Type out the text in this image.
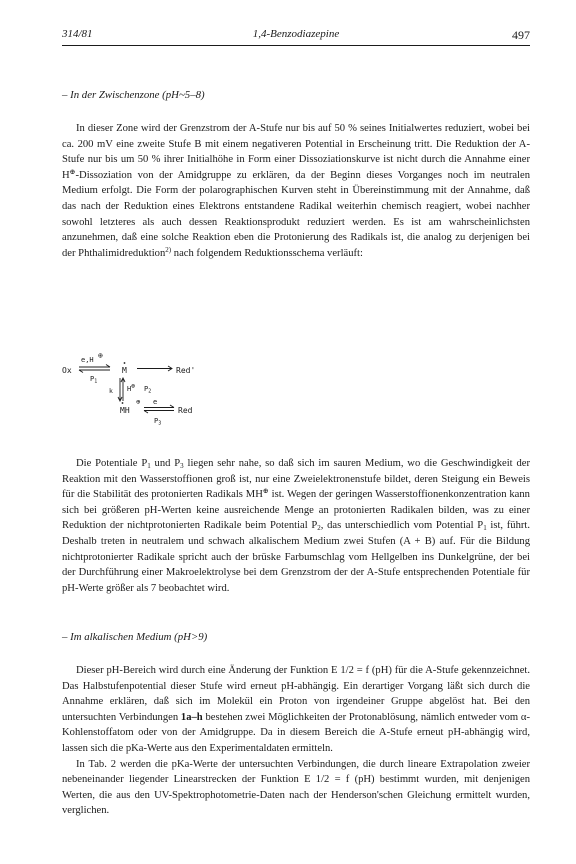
314/81	1,4-Benzodiazepine	497
– In der Zwischenzone (pH~5–8)

In dieser Zone wird der Grenzstrom der A-Stufe nur bis auf 50 % seines Initialwertes reduziert, wobei bei ca. 200 mV eine zweite Stufe B mit einem negativeren Potential in Erscheinung tritt. Die Reduktion der A-Stufe nur bis um 50 % ihrer Initialhöhe in Form einer Dissoziationskurve ist nicht durch die Annahme einer H⊕-Dissoziation von der Amidgruppe zu erklären, da der Beginn dieses Vorganges noch im neutralen Medium erfolgt. Die Form der polarographischen Kurven steht in Übereinstimmung mit der Annahme, daß das nach der Reduktion eines Elektrons entstandene Radikal weiterhin chemisch reagiert, wobei nachher sowohl letzteres als auch dessen Reaktionsprodukt reduziert werden. Es ist am wahrscheinlichsten anzunehmen, daß eine solche Reaktion eben die Protonierung des Radikals ist, die analog zu derjenigen bei der Phthalimidreduktion$^{2)}$ nach folgendem Reduktionsschema verläuft:

Ox
e,H ⊕
$P_1$
M	Red'
k H⊕ $P_2$
MH
⊕ e
Red
$P_3$

Die Potentiale $P_1$ und $P_3$ liegen sehr nahe, so daß sich im sauren Medium, wo die Geschwindigkeit der Reaktion mit den Wasserstoffionen groß ist, nur eine Zweielektronenstufe bildet, deren Steigung ein Beweis für die Stabilität des protonierten Radikals MH⊕ ist. Wegen der geringen Wasserstoffionenkonzentration kann sich bei größeren pH-Werten keine ausreichende Menge an protonierten Radikalen bilden, was zu einer Reduktion der nichtprotonierten Radikale beim Potential $P_2$, das unterschiedlich vom Potential $P_1$ ist, führt. Deshalb treten in neutralem und schwach alkalischem Medium zwei Stufen (A + B) auf. Für die Bildung nichtprotonierter Radikale spricht auch der brüske Farbumschlag vom Hellgelben ins Dunkelgrüne, der bei der Durchführung einer Makroelektrolyse bei dem Grenzstrom der der A-Stufe entsprechenden Potentiale für pH-Werte größer als 7 beobachtet wird.

– Im alkalischen Medium (pH>9)

Dieser pH-Bereich wird durch eine Änderung der Funktion E 1/2 = f (pH) für die A-Stufe gekennzeichnet. Das Halbstufenpotential dieser Stufe wird erneut pH-abhängig. Ein derartiger Vorgang läßt sich durch die Annahme erklären, daß sich im Molekül ein Proton von irgendeiner Gruppe abgelöst hat. Bei den untersuchten Verbindungen 1a–h bestehen zwei Möglichkeiten der Protonablösung, nämlich entweder vom α-Kohlenstoffatom oder von der Amidgruppe. Da in diesem Bereich die A-Stufe erneut pH-abhängig wird, lassen sich die pKa-Werte aus den Experimentaldaten ermitteln.

In Tab. 2 werden die pKa-Werte der untersuchten Verbindungen, die durch lineare Extrapolation zweier nebeneinander liegender Linearstrecken der Funktion E 1/2 = f (pH) bestimmt wurden, mit denjenigen Werten, die aus den UV-Spektrophotometrie-Daten nach der Henderson'schen Gleichung ermittelt wurden, verglichen.
